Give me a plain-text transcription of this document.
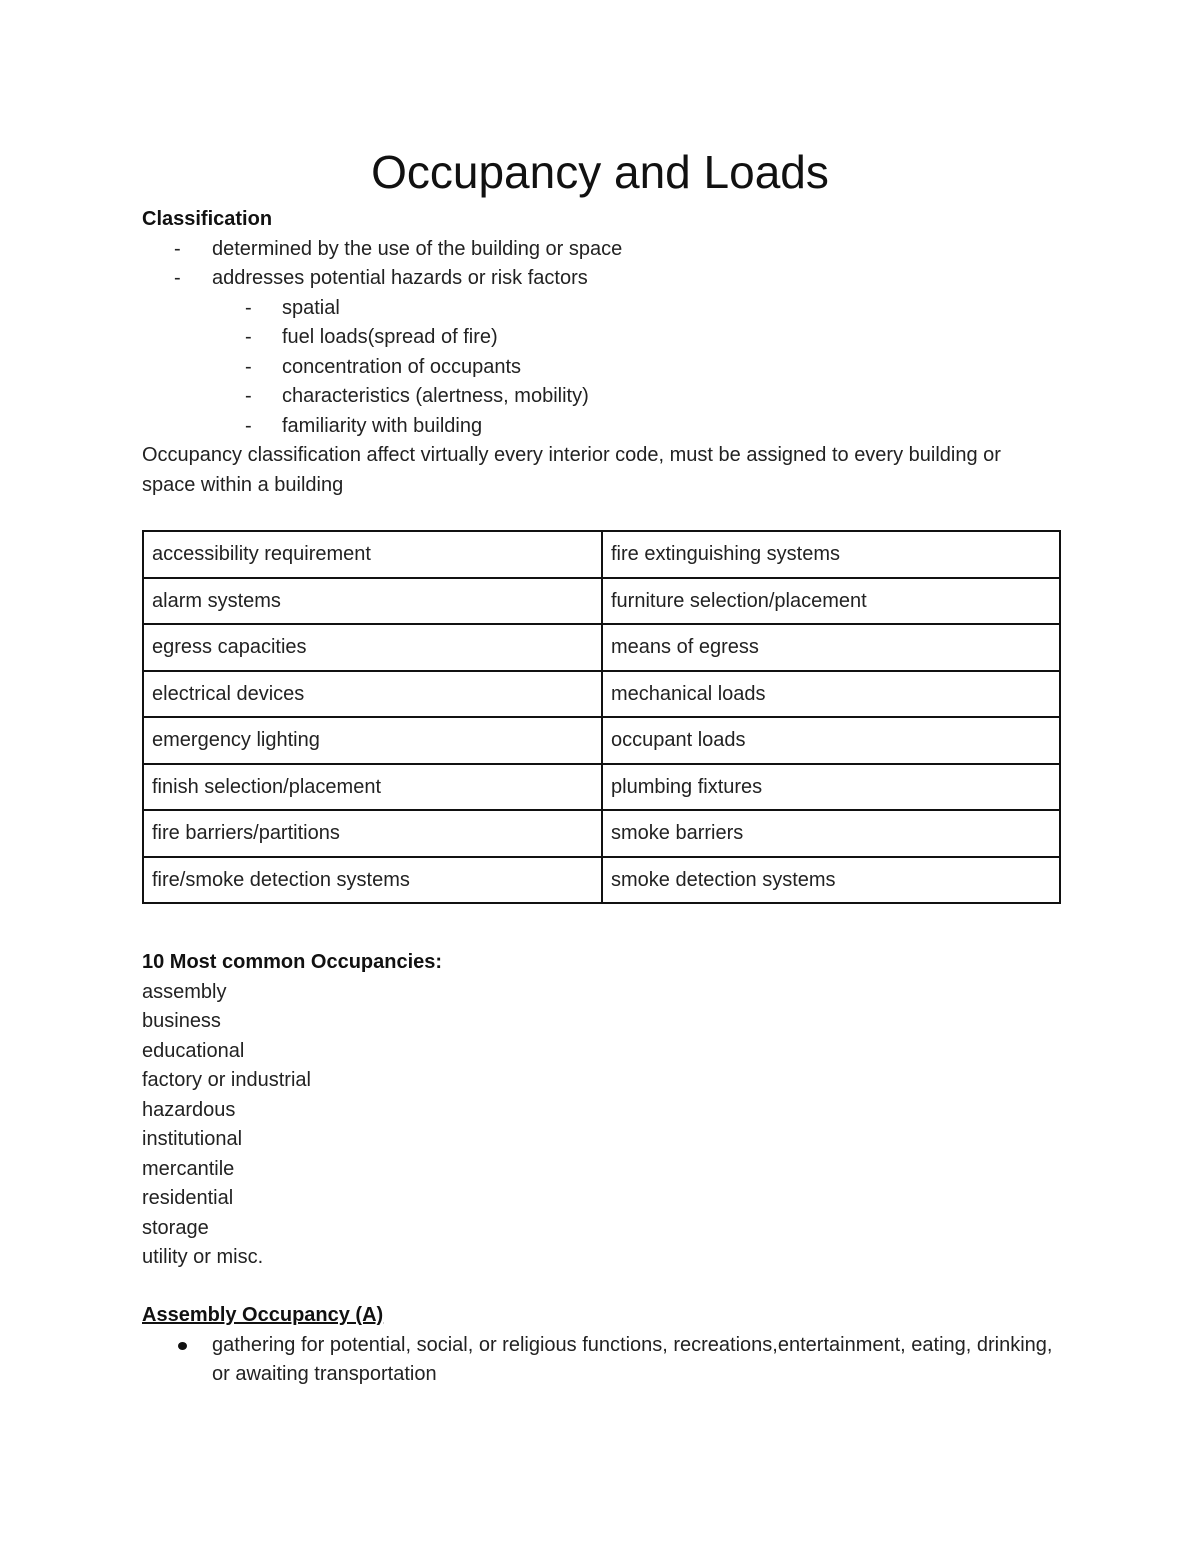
Occupancy and Loads
Classification
- determined by the use of the building or space
- addresses potential hazards or risk factors
- spatial
- fuel loads(spread of fire)
- concentration of occupants
- characteristics (alertness, mobility)
- familiarity with building
Occupancy classification affect virtually every interior code, must be assigned to every building or space within a building
accessibility requirement	fire extinguishing systems
alarm systems	furniture selection/placement
egress capacities	means of egress
electrical devices	mechanical loads
emergency lighting	occupant loads
finish selection/placement	plumbing fixtures
fire barriers/partitions	smoke barriers
fire/smoke detection systems	smoke detection systems
10 Most common Occupancies:
assembly
business
educational
factory or industrial
hazardous
institutional
mercantile
residential
storage
utility or misc.
Assembly Occupancy (A)
gathering for potential, social, or religious functions, recreations,entertainment, eating, drinking, or awaiting transportation
